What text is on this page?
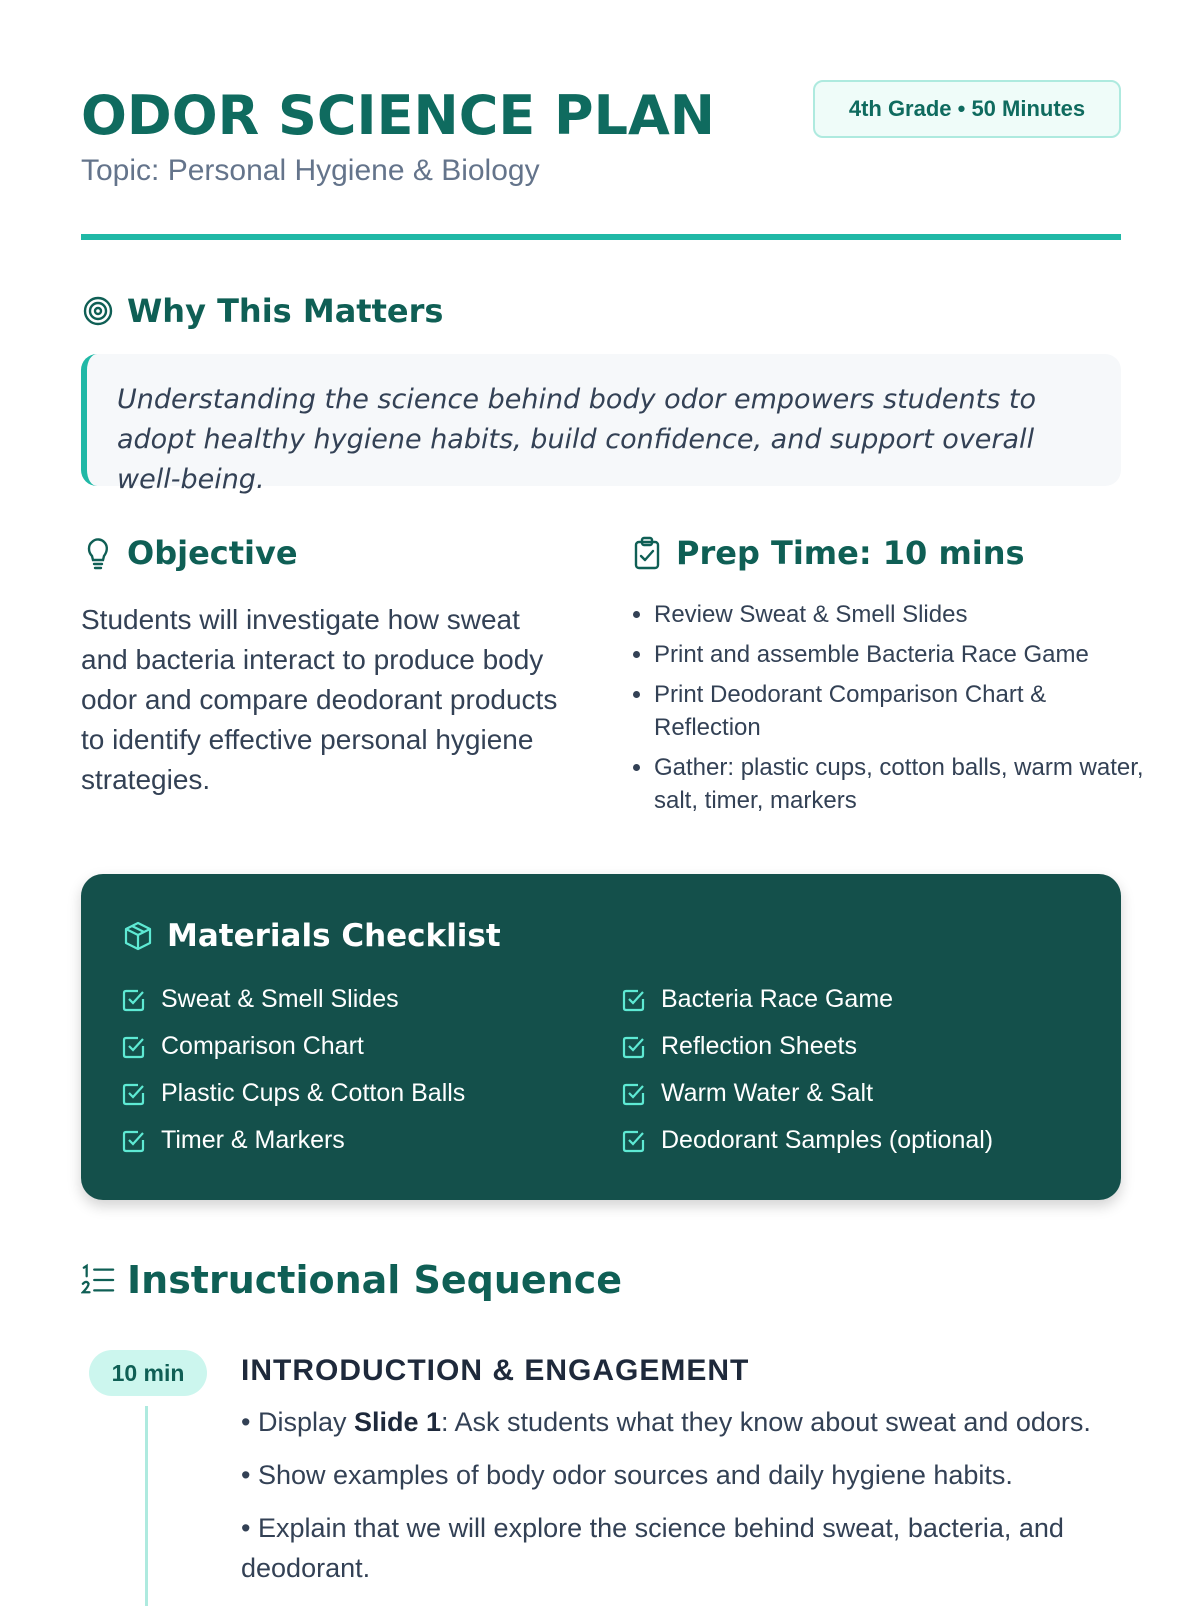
ODOR SCIENCE PLAN

Topic: Personal Hygiene & Biology

4th Grade • 50 Minutes
Why This Matters
Understanding the science behind body odor empowers students to adopt healthy hygiene habits, build confidence, and support overall well-being.
Objective

Students will investigate how sweat and bacteria interact to produce body odor and compare deodorant products to identify effective personal hygiene strategies.

Prep Time: 10 mins
• Review Sweat & Smell Slides
• Print and assemble Bacteria Race Game
• Print Deodorant Comparison Chart & Reflection
• Gather: plastic cups, cotton balls, warm water, salt, timer, markers
Materials Checklist
Sweat & Smell Slides	Bacteria Race Game
Comparison Chart	Reflection Sheets
Plastic Cups & Cotton Balls	Warm Water & Salt
Timer & Markers	Deodorant Samples (optional)
Instructional Sequence
10 min	INTRODUCTION & ENGAGEMENT

• Display Slide 1: Ask students what they know about sweat and odors.

• Show examples of body odor sources and daily hygiene habits.

• Explain that we will explore the science behind sweat, bacteria, and deodorant.
